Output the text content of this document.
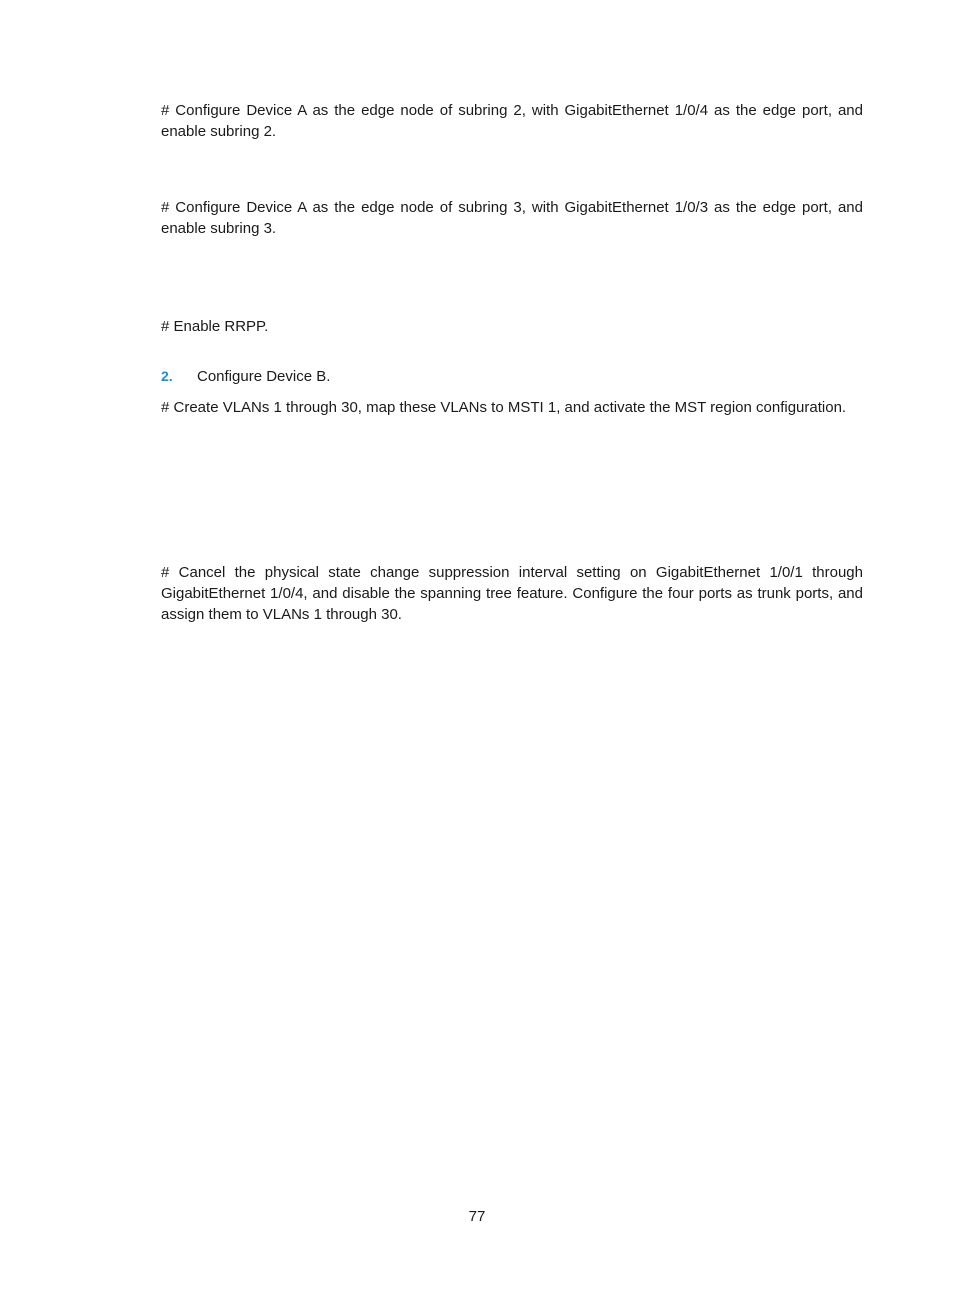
# Configure Device A as the edge node of subring 2, with GigabitEthernet 1/0/4 as the edge port, and enable subring 2.

# Configure Device A as the edge node of subring 3, with GigabitEthernet 1/0/3 as the edge port, and enable subring 3.

# Enable RRPP.

2. Configure Device B.

# Create VLANs 1 through 30, map these VLANs to MSTI 1, and activate the MST region configuration.

# Cancel the physical state change suppression interval setting on GigabitEthernet 1/0/1 through GigabitEthernet 1/0/4, and disable the spanning tree feature. Configure the four ports as trunk ports, and assign them to VLANs 1 through 30.

77
